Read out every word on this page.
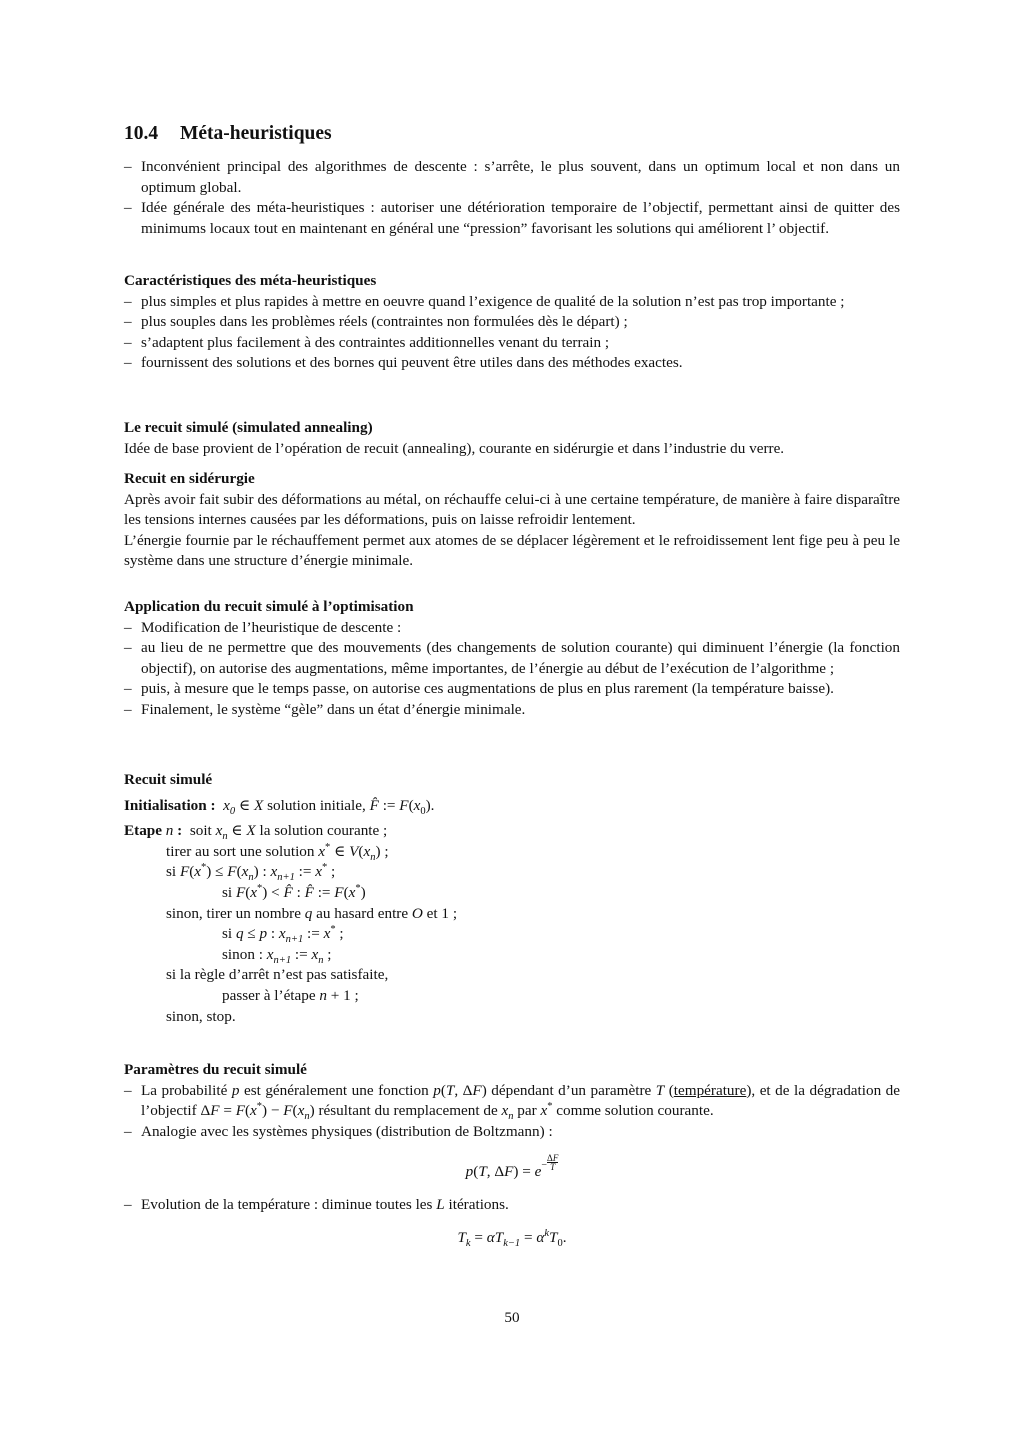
10.4 Méta-heuristiques
– Inconvénient principal des algorithmes de descente : s’arrête, le plus souvent, dans un optimum local et non dans un optimum global.
– Idée générale des méta-heuristiques : autoriser une détérioration temporaire de l’objectif, permettant ainsi de quitter des minimums locaux tout en maintenant en général une “pression” favorisant les solutions qui améliorent l’ objectif.
Caractéristiques des méta-heuristiques
– plus simples et plus rapides à mettre en oeuvre quand l’exigence de qualité de la solution n’est pas trop importante ;
– plus souples dans les problèmes réels (contraintes non formulées dès le départ) ;
– s’adaptent plus facilement à des contraintes additionnelles venant du terrain ;
– fournissent des solutions et des bornes qui peuvent être utiles dans des méthodes exactes.
Le recuit simulé (simulated annealing)

Idée de base provient de l’opération de recuit (annealing), courante en sidérurgie et dans l’industrie du verre.

Recuit en sidérurgie

Après avoir fait subir des déformations au métal, on réchauffe celui-ci à une certaine température, de manière à faire disparaître les tensions internes causées par les déformations, puis on laisse refroidir lentement.

L’énergie fournie par le réchauffement permet aux atomes de se déplacer légèrement et le refroidissement lent fige peu à peu le système dans une structure d’énergie minimale.

Application du recuit simulé à l’optimisation
– Modification de l’heuristique de descente :
– au lieu de ne permettre que des mouvements (des changements de solution courante) qui diminuent l’énergie (la fonction objectif), on autorise des augmentations, même importantes, de l’énergie au début de l’exécution de l’algorithme ;
– puis, à mesure que le temps passe, on autorise ces augmentations de plus en plus rarement (la température baisse).
– Finalement, le système “gèle” dans un état d’énergie minimale.
Recuit simulé
Initialisation : $x_0$ ∈ X solution initiale, F̂ := $F(x_0)$.
Etape n : soit $x_n$ ∈ X la solution courante ;
tirer au sort une solution x* ∈ $V(x_n)$ ;
si $F(x^*) \le F(x_n)$ : $x_{n+1}$ := x* ;
si F(x*) < F̂ : F̂ := F(x*)
sinon, tirer un nombre q au hasard entre O et 1 ;
si q ≤ p : $x_{n+1}$ := x* ;
sinon : $x_{n+1}$ := $x_n$ ;
si la règle d’arrêt n’est pas satisfaite,
passer à l’étape n + 1 ;
sinon, stop.
Paramètres du recuit simulé
– La probabilité p est généralement une fonction p(T, ΔF) dépendant d’un paramètre T (température), et de la dégradation de l’objectif $\Delta F = F(x^*) - F(x_n)$ résultant du remplacement de $x_n$ par x* comme solution courante.
– Analogie avec les systèmes physiques (distribution de Boltzmann) :
p(T, $\Delta F) = e^- \frac{\Delta F}{T}$
– Evolution de la température : diminue toutes les L itérations.
$T_k = \alpha T_{k-1} = \alpha^kT_0$.
50
